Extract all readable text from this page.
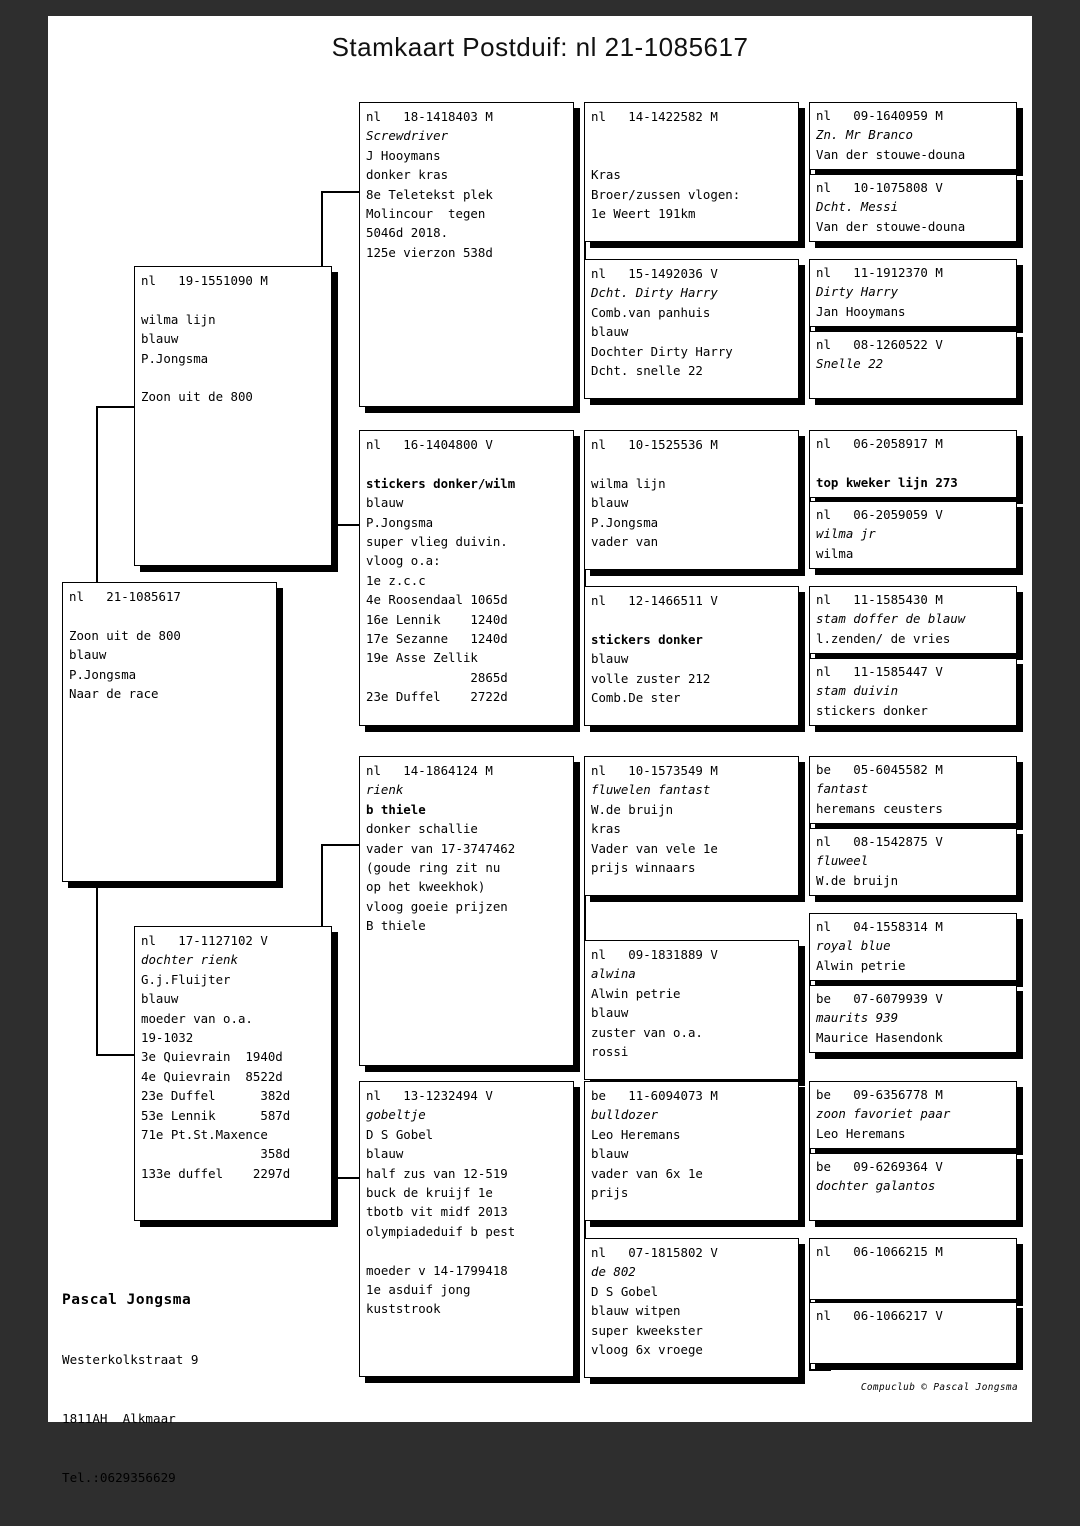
Stamkaart Postduif: nl 21-1085617
nl   21-1085617
Zoon uit de 800
blauw
P.Jongsma
Naar de race
nl   19-1551090 M
wilma lijn
blauw
P.Jongsma
Zoon uit de 800
nl   17-1127102 V
dochter rienk
G.j.Fluijter
blauw
moeder van o.a.
19-1032
3e Quievrain  1940d
4e Quievrain  8522d
23e Duffel      382d
53e Lennik      587d
71e Pt.St.Maxence
358d
133e duffel    2297d
nl   18-1418403 M
Screwdriver
J Hooymans
donker kras
8e Teletekst plek
Molincour  tegen
5046d 2018.
125e vierzon 538d
nl   16-1404800 V
stickers donker/wilm
blauw
P.Jongsma
super vlieg duivin.
vloog o.a:
1e z.c.c
4e Roosendaal 1065d
16e Lennik    1240d
17e Sezanne   1240d
19e Asse Zellik
2865d
23e Duffel    2722d
nl   14-1864124 M
rienk
b thiele
donker schallie
vader van 17-3747462
(goude ring zit nu
op het kweekhok)
vloog goeie prijzen
B thiele
nl   13-1232494 V
gobeltje
D S Gobel
blauw
half zus van 12-519
buck de kruijf 1e
tbotb vit midf 2013
olympiadeduif b pest
moeder v 14-1799418
1e asduif jong
kuststrook
nl   14-1422582 M
Kras
Broer/zussen vlogen:
1e Weert 191km
nl   15-1492036 V
Dcht. Dirty Harry
Comb.van panhuis
blauw
Dochter Dirty Harry
Dcht. snelle 22
nl   10-1525536 M
wilma lijn
blauw
P.Jongsma
vader van
nl   12-1466511 V
stickers donker
blauw
volle zuster 212
Comb.De ster
nl   10-1573549 M
fluwelen fantast
W.de bruijn
kras
Vader van vele 1e
prijs winnaars
nl   09-1831889 V
alwina
Alwin petrie
blauw
zuster van o.a.
rossi
be   11-6094073 M
bulldozer
Leo Heremans
blauw
vader van 6x 1e
prijs
nl   07-1815802 V
de 802
D S Gobel
blauw witpen
super kweekster
vloog 6x vroege
nl   09-1640959 M
Zn. Mr Branco
Van der stouwe-douna
nl   10-1075808 V
Dcht. Messi
Van der stouwe-douna
nl   11-1912370 M
Dirty Harry
Jan Hooymans
nl   08-1260522 V
Snelle 22
nl   06-2058917 M
top kweker lijn 273
nl   06-2059059 V
wilma jr
wilma
nl   11-1585430 M
stam doffer de blauw
l.zenden/ de vries
nl   11-1585447 V
stam duivin
stickers donker
be   05-6045582 M
fantast
heremans ceusters
nl   08-1542875 V
fluweel
W.de bruijn
nl   04-1558314 M
royal blue
Alwin petrie
be   07-6079939 V
maurits 939
Maurice Hasendonk
be   09-6356778 M
zoon favoriet paar
Leo Heremans
be   09-6269364 V
dochter galantos
nl   06-1066215 M
nl   06-1066217 V

Pascal Jongsma

Westerkolkstraat 9

1811AH  Alkmaar

Tel.:0629356629

Compuclub © Pascal Jongsma
